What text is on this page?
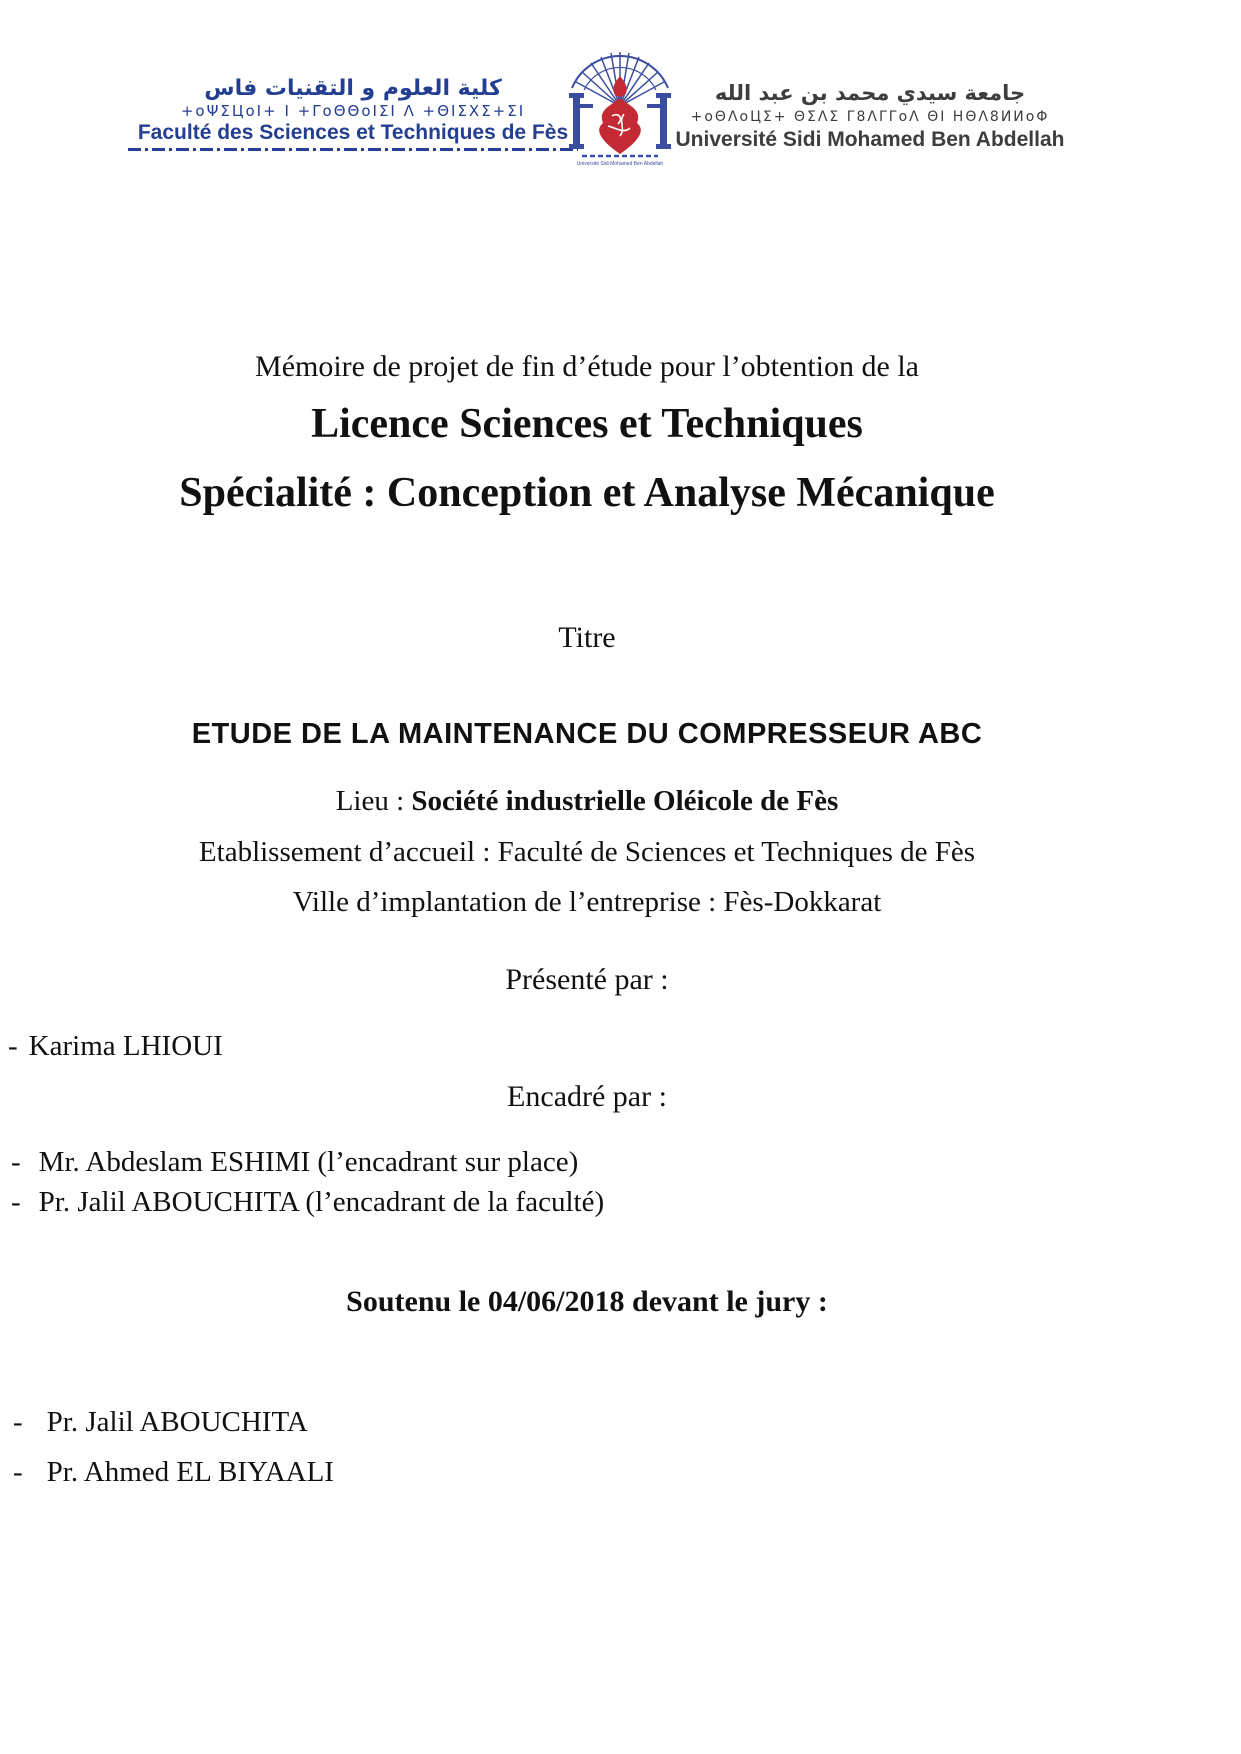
كلية العلوم و التقنيات فاس
+oΨΣЦoI+ I +ΓoΘΘoIΣI Λ +ΘΙΣΧΣ+ΣΙ
Faculté des Sciences et Techniques de Fès
Université Sidi Mohamed Ben Abdellah
جامعة سيدي محمد بن عبد الله
+oΘΛoЦΣ+ ΘΣΛΣ Γ8ΛΓΓoΛ ΘΙ ΗΘΛ8ИИoΦ
Université Sidi Mohamed Ben Abdellah
Mémoire de projet de fin d’étude pour l’obtention de la
Licence Sciences et Techniques
Spécialité : Conception et Analyse Mécanique
Titre
ETUDE DE LA MAINTENANCE DU COMPRESSEUR ABC
Lieu : Société industrielle Oléicole de Fès
Etablissement d’accueil : Faculté de Sciences et Techniques de Fès
Ville d’implantation de l’entreprise : Fès-Dokkarat
Présenté par :
- Karima LHIOUI
Encadré par :
- Mr. Abdeslam ESHIMI (l’encadrant sur place)
- Pr. Jalil ABOUCHITA (l’encadrant de la faculté)
Soutenu le 04/06/2018 devant le jury :
- Pr. Jalil ABOUCHITA
- Pr. Ahmed EL BIYAALI
